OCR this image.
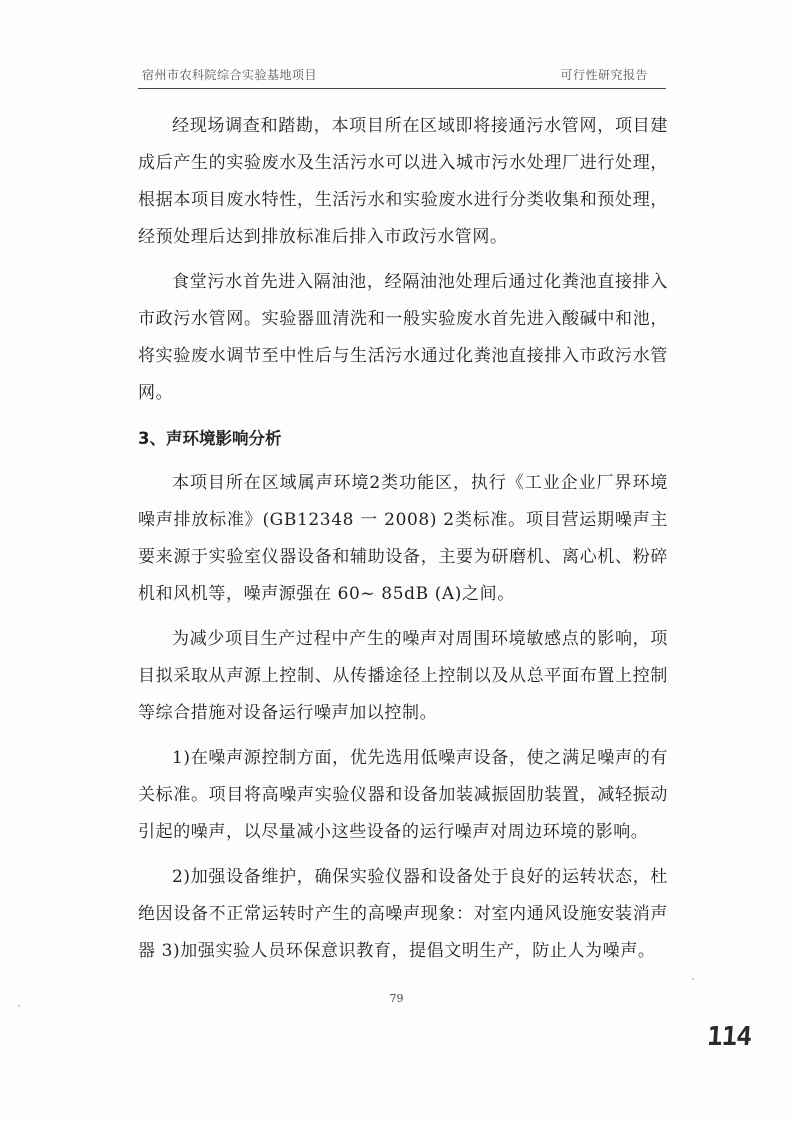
宿州市农科院综合实验基地项目	可行性研究报告

经现场调查和踏勘，本项目所在区域即将接通污水管网，项目建成后产生的实验废水及生活污水可以进入城市污水处理厂进行处理，根据本项目废水特性，生活污水和实验废水进行分类收集和预处理，经预处理后达到排放标准后排入市政污水管网。

食堂污水首先进入隔油池，经隔油池处理后通过化粪池直接排入市政污水管网。实验器皿清洗和一般实验废水首先进入酸碱中和池，将实验废水调节至中性后与生活污水通过化粪池直接排入市政污水管网。

3、声环境影响分析

本项目所在区域属声环境2类功能区，执行《工业企业厂界环境噪声排放标准》(GB12348 一 2008) 2类标准。项目营运期噪声主要来源于实验室仪器设备和辅助设备，主要为研磨机、离心机、粉碎机和风机等，噪声源强在 60~ 85dB (A)之间。

为减少项目生产过程中产生的噪声对周围环境敏感点的影响，项目拟采取从声源上控制、从传播途径上控制以及从总平面布置上控制等综合措施对设备运行噪声加以控制。

1)在噪声源控制方面，优先选用低噪声设备，使之满足噪声的有关标准。项目将高噪声实验仪器和设备加装减振固肋装置，减轻振动引起的噪声，以尽量减小这些设备的运行噪声对周边环境的影响。

2)加强设备维护，确保实验仪器和设备处于良好的运转状态，杜绝因设备不正常运转时产生的高噪声现象：对室内通风设施安装消声器 3)加强实验人员环保意识教育，提倡文明生产，防止人为噪声。

79
114
